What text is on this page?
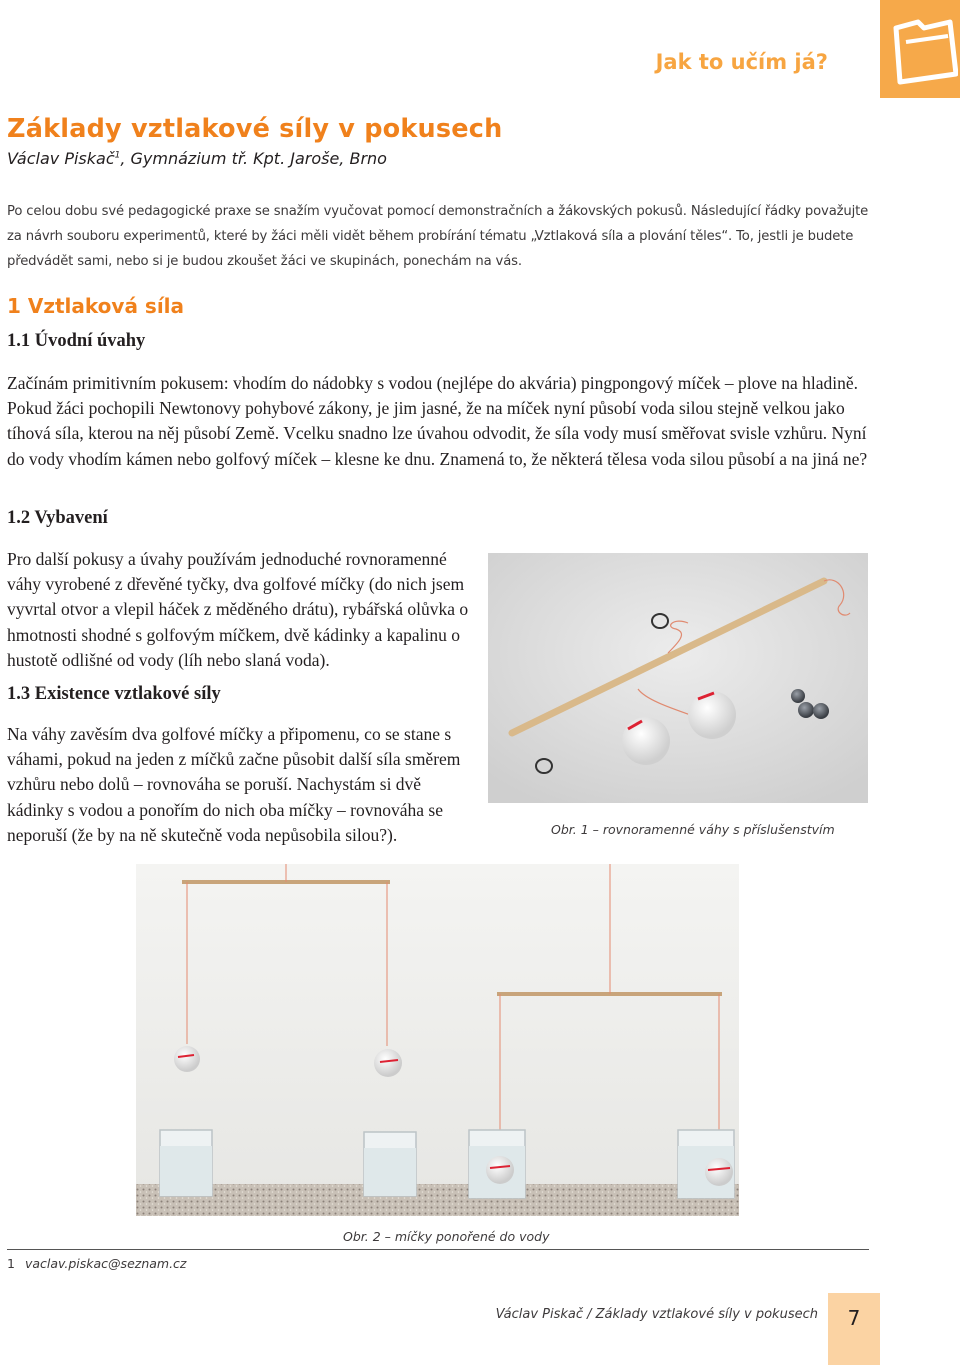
Jak to učím já?
Základy vztlakové síly v pokusech
Václav Piskač$^1$, Gymnázium tř. Kpt. Jaroše, Brno

Po celou dobu své pedagogické praxe se snažím vyučovat pomocí demonstračních a žákovských pokusů. Následující řádky považujte za návrh souboru experimentů, které by žáci měli vidět během probírání tématu „Vztlaková síla a plování těles“. To, jestli je budete předvádět sami, nebo si je budou zkoušet žáci ve skupinách, ponechám na vás.

1 Vztlaková síla
1.1 Úvodní úvahy

Začínám primitivním pokusem: vhodím do nádobky s vodou (nejlépe do akvária) pingpongový míček – plove na hladině. Pokud žáci pochopili Newtonovy pohybové zákony, je jim jasné, že na míček nyní působí voda silou stejně velkou jako tíhová síla, kterou na něj působí Země. Vcelku snadno lze úvahou odvodit, že síla vody musí směřovat svisle vzhůru. Nyní do vody vhodím kámen nebo golfový míček – klesne ke dnu. Znamená to, že některá tělesa voda silou působí a na jiná ne?

1.2 Vybavení

Pro další pokusy a úvahy používám jednoduché rovnoramenné váhy vyrobené z dřevěné tyčky, dva golfové míčky (do nich jsem vyvrtal otvor a vlepil háček z měděného drátu), rybářská olůvka o hmotnosti shodné s golfovým míčkem, dvě kádinky a kapalinu o hustotě odlišné od vody (líh nebo slaná voda).

1.3 Existence vztlakové síly

Na váhy zavěsím dva golfové míčky a připomenu, co se stane s váhami, pokud na jeden z míčků začne působit další síla směrem vzhůru nebo dolů – rovnováha se poruší. Nachystám si dvě kádinky s vodou a ponořím do nich oba míčky – rovnováha se neporuší (že by na ně skutečně voda nepůsobila silou?).	Obr. 1 – rovnoramenné váhy s příslušenstvím
Obr. 2 – míčky ponořené do vody
1 vaclav.piskac@seznam.cz
Václav Piskač / Základy vztlakové síly v pokusech	7
